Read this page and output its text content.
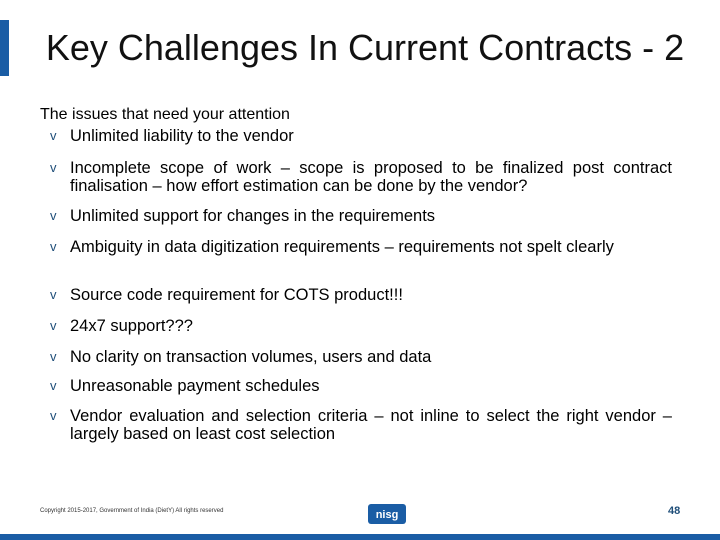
Key Challenges In Current Contracts - 2
The issues that need your attention
v Unlimited liability to the vendor
v Incomplete scope of work – scope is proposed to be finalized post contract finalisation – how effort estimation can be done by the vendor?
v Unlimited support for changes in the requirements
v Ambiguity in data digitization requirements – requirements not spelt clearly
v Source code requirement for COTS product!!!
v 24x7 support???
v No clarity on transaction volumes, users and data
v Unreasonable payment schedules
v Vendor evaluation and selection criteria – not inline to select the right vendor – largely based on least cost selection
Copyright 2015-2017, Government of India (DietY) All rights reserved	nisg	48
